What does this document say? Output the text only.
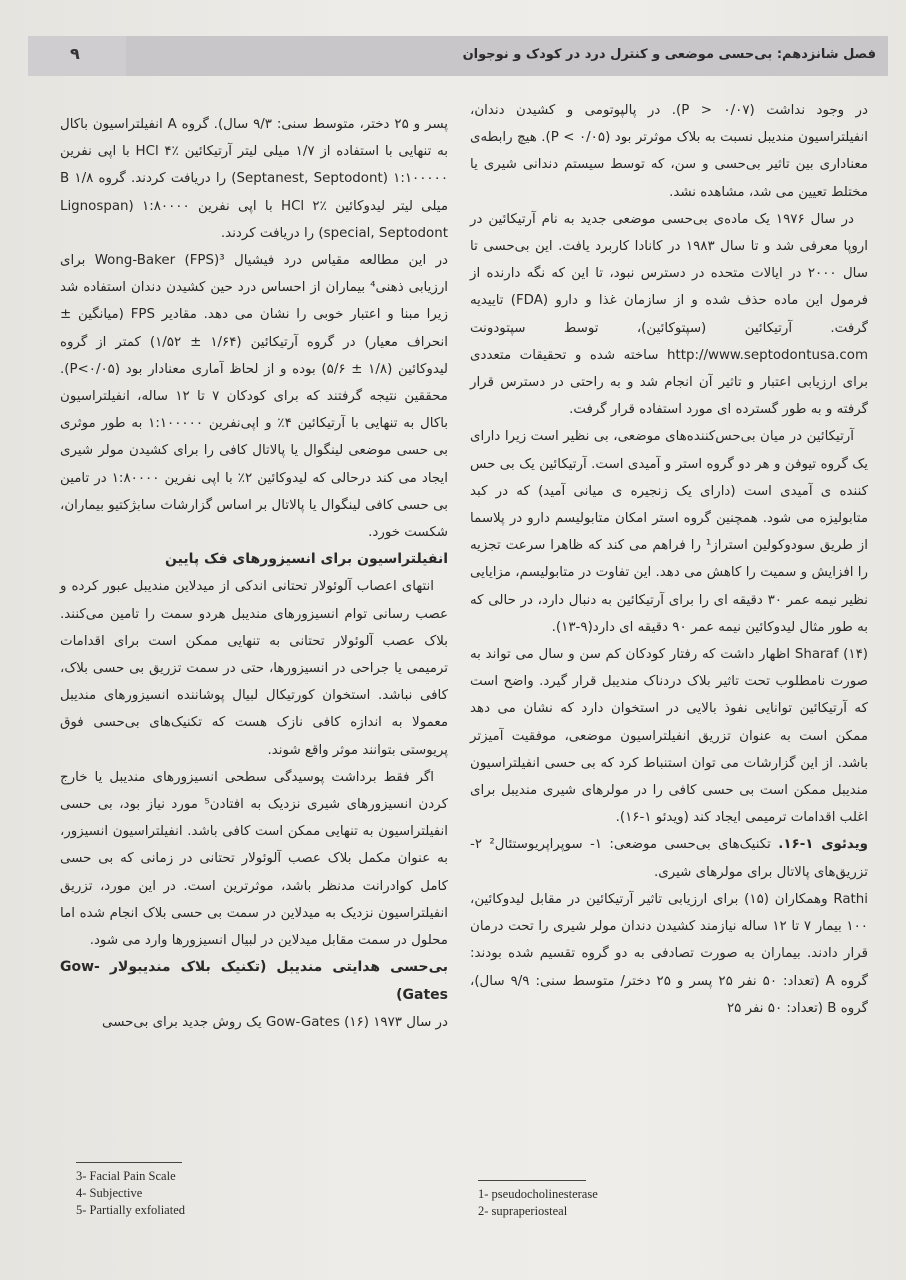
۹	فصل شانزدهم: بی‌حسی موضعی و کنترل درد در کودک و نوجوان

در وجود نداشت (P > ۰/۰۷). در پالپوتومی و کشیدن دندان، انفیلتراسیون مندیبل نسبت به بلاک موثرتر بود (P < ۰/۰۵). هیچ رابطه‌ی معناداری بین تاثیر بی‌حسی و سن، که توسط سیستم دندانی شیری یا مختلط تعیین می شد، مشاهده نشد.

در سال ۱۹۷۶ یک ماده‌ی بی‌حسی موضعی جدید به نام آرتیکائین در اروپا معرفی شد و تا سال ۱۹۸۳ در کانادا کاربرد یافت. این بی‌حسی تا سال ۲۰۰۰ در ایالات متحده در دسترس نبود، تا این که نگه دارنده از فرمول این ماده حذف شده و از سازمان غذا و دارو (FDA) تاییدیه گرفت. آرتیکائین (سپتوکائین)، توسط سپتودونت http://www.septodontusa.com ساخته شده و تحقیقات متعددی برای ارزیابی اعتبار و تاثیر آن انجام شد و به راحتی در دسترس قرار گرفته و به طور گسترده ای مورد استفاده قرار گرفت.

آرتیکائین در میان بی‌حس‌کننده‌های موضعی، بی نظیر است زیرا دارای یک گروه تیوفن و هر دو گروه استر و آمیدی است. آرتیکائین یک بی حس کننده ی آمیدی است (دارای یک زنجیره ی میانی آمید) که در کبد متابولیزه می شود. همچنین گروه استر امکان متابولیسم دارو در پلاسما از طریق سودوکولین استراز¹ را فراهم می کند که ظاهرا سرعت تجزیه را افزایش و سمیت را کاهش می دهد. این تفاوت در متابولیسم، مزایایی نظیر نیمه عمر ۳۰ دقیقه ای را برای آرتیکائین به دنبال دارد، در حالی که به طور مثال لیدوکائین نیمه عمر ۹۰ دقیقه ای دارد(۹-۱۳).

Sharaf (۱۴) اظهار داشت که رفتار کودکان کم سن و سال می تواند به صورت نامطلوب تحت تاثیر بلاک دردناک مندیبل قرار گیرد. واضح است که آرتیکائین توانایی نفوذ بالایی در استخوان دارد که نشان می دهد ممکن است به عنوان تزریق انفیلتراسیون موضعی، موفقیت آمیزتر باشد. از این گزارشات می توان استنباط کرد که بی حسی انفیلتراسیون مندیبل ممکن است بی حسی کافی را در مولرهای شیری مندیبل برای اغلب اقدامات ترمیمی ایجاد کند (ویدئو ۱-۱۶).

ویدئوی ۱-۱۶. تکنیک‌های بی‌حسی موضعی: ۱- سوپراپریوستئال² ۲- تزریق‌های پالاتال برای مولرهای شیری.

Rathi وهمکاران (۱۵) برای ارزیابی تاثیر آرتیکائین در مقابل لیدوکائین، ۱۰۰ بیمار ۷ تا ۱۲ ساله نیازمند کشیدن دندان مولر شیری را تحت درمان قرار دادند. بیماران به صورت تصادفی به دو گروه تقسیم شده بودند: گروه A (تعداد: ۵۰ نفر ۲۵ پسر و ۲۵ دختر/ متوسط سنی: ۹/۹ سال)، گروه B (تعداد: ۵۰ نفر ۲۵

پسر و ۲۵ دختر، متوسط سنی: ۹/۳ سال). گروه A انفیلتراسیون باکال به تنهایی با استفاده از ۱/۷ میلی لیتر آرتیکائین HCl ۴٪ با اپی نفرین ۱:۱۰۰۰۰۰ (Septanest, Septodont) را دریافت کردند. گروه B ۱/۸ میلی لیتر لیدوکائین HCl ۲٪ با اپی نفرین ۱:۸۰۰۰۰ (Lignospan special, Septodont) را دریافت کردند.

در این مطالعه مقیاس درد فیشیال Wong-Baker (FPS)³ برای ارزیابی ذهنی⁴ بیماران از احساس درد حین کشیدن دندان استفاده شد زیرا مبنا و اعتبار خوبی را نشان می دهد. مقادیر FPS (میانگین ± انحراف معیار) در گروه آرتیکائین (۱/۶۴ ± ۱/۵۲) کمتر از گروه لیدوکائین (۱/۸ ± ۵/۶) بوده و از لحاظ آماری معنادار بود (P<۰/۰۵). محققین نتیجه گرفتند که برای کودکان ۷ تا ۱۲ ساله، انفیلتراسیون باکال به تنهایی با آرتیکائین ۴٪ و اپی‌نفرین ۱:۱۰۰۰۰۰ به طور موثری بی حسی موضعی لینگوال یا پالاتال کافی را برای کشیدن مولر شیری ایجاد می کند درحالی که لیدوکائین ۲٪ با اپی نفرین ۱:۸۰۰۰۰ در تامین بی حسی کافی لینگوال یا پالاتال بر اساس گزارشات سابژکتیو بیماران، شکست خورد.

انفیلتراسیون برای انسیزورهای فک پایین

انتهای اعصاب آلوئولار تحتانی اندکی از میدلاین مندیبل عبور کرده و عصب رسانی توام انسیزورهای مندیبل هردو سمت را تامین می‌کنند. بلاک عصب آلوئولار تحتانی به تنهایی ممکن است برای اقدامات ترمیمی یا جراحی در انسیزورها، حتی در سمت تزریق بی حسی بلاک، کافی نباشد. استخوان کورتیکال لبیال پوشاننده انسیزورهای مندیبل معمولا به اندازه کافی نازک هست که تکنیک‌های بی‌حسی فوق پریوستی بتوانند موثر واقع شوند.

اگر فقط برداشت پوسیدگی سطحی انسیزورهای مندیبل یا خارج کردن انسیزورهای شیری نزدیک به افتادن⁵ مورد نیاز بود، بی حسی انفیلتراسیون به تنهایی ممکن است کافی باشد. انفیلتراسیون انسیزور، به عنوان مکمل بلاک عصب آلوئولار تحتانی در زمانی که بی حسی کامل کوادرانت مدنظر باشد، موثرترین است. در این مورد، تزریق انفیلتراسیون نزدیک به میدلاین در سمت بی حسی بلاک انجام شده اما محلول در سمت مقابل میدلاین در لبیال انسیزورها وارد می شود.

بی‌حسی هدایتی مندیبل (تکنیک بلاک مندیبولار Gow-Gates)

در سال ۱۹۷۳ Gow-Gates (۱۶) یک روش جدید برای بی‌حسی

3- Facial Pain Scale
4- Subjective
5- Partially exfoliated
1- pseudocholinesterase
2- supraperiosteal
